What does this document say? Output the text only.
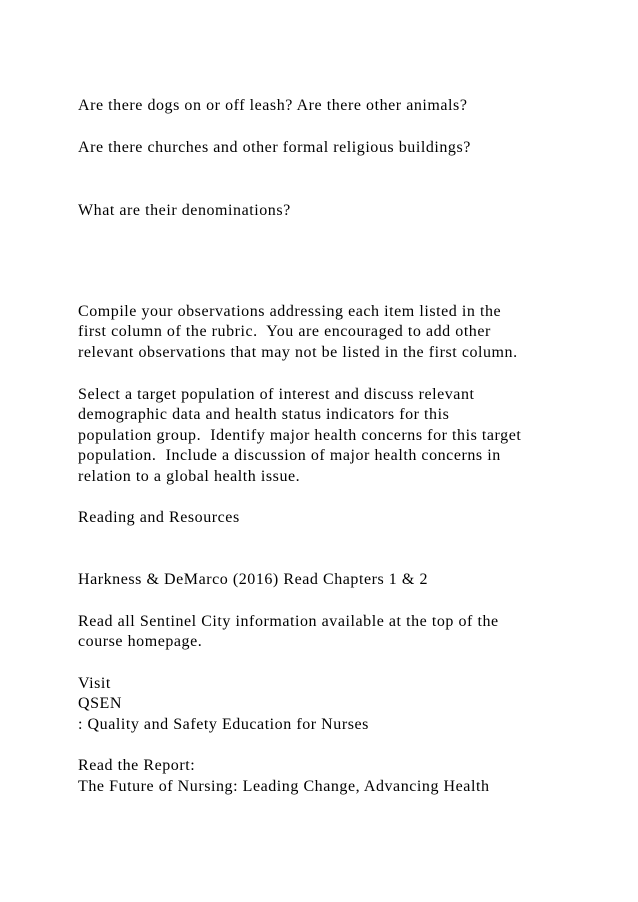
Are there dogs on or off leash? Are there other animals?

Are there churches and other formal religious buildings?

What are their denominations?

Compile your observations addressing each item listed in the

first column of the rubric.  You are encouraged to add other

relevant observations that may not be listed in the first column.

Select a target population of interest and discuss relevant

demographic data and health status indicators for this

population group.  Identify major health concerns for this target

population.  Include a discussion of major health concerns in

relation to a global health issue.

Reading and Resources

Harkness & DeMarco (2016) Read Chapters 1 & 2

Read all Sentinel City information available at the top of the

course homepage.

Visit

QSEN

: Quality and Safety Education for Nurses

Read the Report:

The Future of Nursing: Leading Change, Advancing Health
